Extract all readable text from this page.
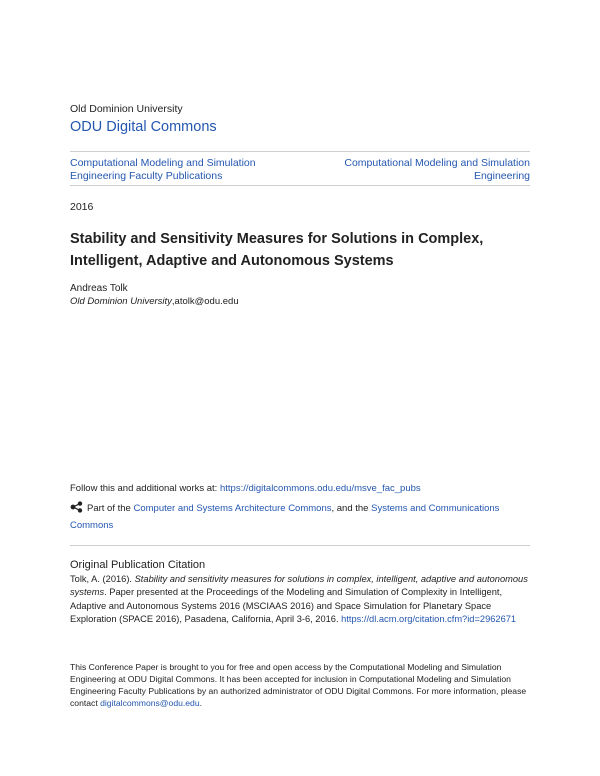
Old Dominion University
ODU Digital Commons
Computational Modeling and Simulation Engineering Faculty Publications
Computational Modeling and Simulation Engineering
2016
Stability and Sensitivity Measures for Solutions in Complex, Intelligent, Adaptive and Autonomous Systems
Andreas Tolk
Old Dominion University,atolk@odu.edu
Follow this and additional works at: https://digitalcommons.odu.edu/msve_fac_pubs
Part of the Computer and Systems Architecture Commons, and the Systems and Communications Commons
Original Publication Citation
Tolk, A. (2016). Stability and sensitivity measures for solutions in complex, intelligent, adaptive and autonomous systems. Paper presented at the Proceedings of the Modeling and Simulation of Complexity in Intelligent, Adaptive and Autonomous Systems 2016 (MSCIAAS 2016) and Space Simulation for Planetary Space Exploration (SPACE 2016), Pasadena, California, April 3-6, 2016. https://dl.acm.org/citation.cfm?id=2962671
This Conference Paper is brought to you for free and open access by the Computational Modeling and Simulation Engineering at ODU Digital Commons. It has been accepted for inclusion in Computational Modeling and Simulation Engineering Faculty Publications by an authorized administrator of ODU Digital Commons. For more information, please contact digitalcommons@odu.edu.
